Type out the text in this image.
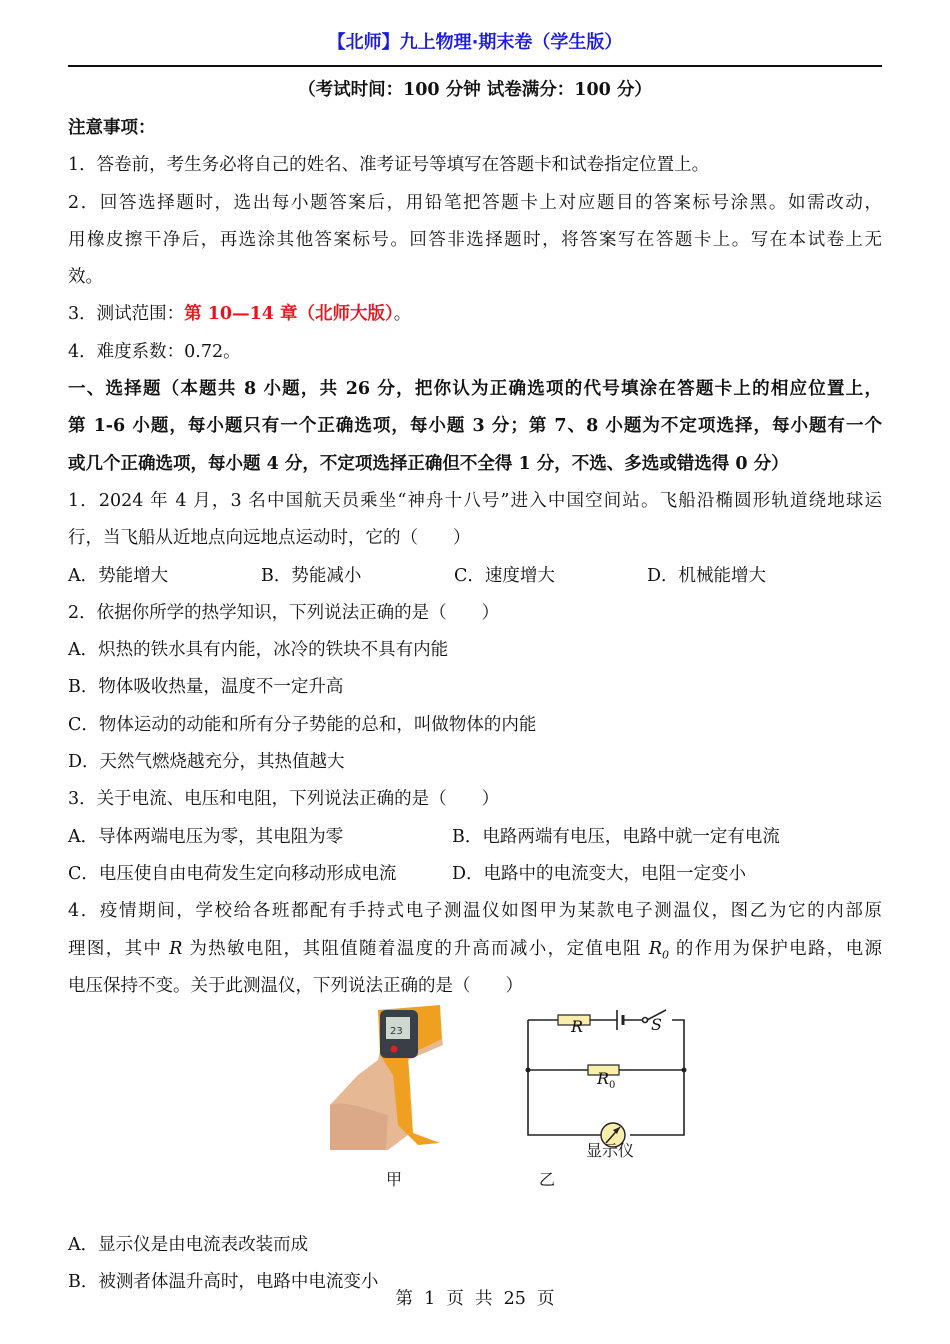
【北师】九上物理·期末卷（学生版）
（考试时间：100 分钟 试卷满分：100 分）
注意事项：
1．答卷前，考生务必将自己的姓名、准考证号等填写在答题卡和试卷指定位置上。
2．回答选择题时，选出每小题答案后，用铅笔把答题卡上对应题目的答案标号涂黑。如需改动，
用橡皮擦干净后，再选涂其他答案标号。回答非选择题时，将答案写在答题卡上。写在本试卷上无
效。
3．测试范围：第 10—14 章（北师大版）。
4．难度系数：0.72。
一、选择题（本题共 8 小题，共 26 分，把你认为正确选项的代号填涂在答题卡上的相应位置上，
第 1-6 小题，每小题只有一个正确选项，每小题 3 分；第 7、8 小题为不定项选择，每小题有一个
或几个正确选项，每小题 4 分，不定项选择正确但不全得 1 分，不选、多选或错选得 0 分）
1．2024 年 4 月，3 名中国航天员乘坐“神舟十八号”进入中国空间站。飞船沿椭圆形轨道绕地球运
行，当飞船从近地点向远地点运动时，它的（　　）
A．势能增大	B．势能减小	C．速度增大	D．机械能增大
2．依据你所学的热学知识，下列说法正确的是（　　）
A．炽热的铁水具有内能，冰冷的铁块不具有内能
B．物体吸收热量，温度不一定升高
C．物体运动的动能和所有分子势能的总和，叫做物体的内能
D．天然气燃烧越充分，其热值越大
3．关于电流、电压和电阻，下列说法正确的是（　　）
A．导体两端电压为零，其电阻为零	B．电路两端有电压，电路中就一定有电流
C．电压使自由电荷发生定向移动形成电流	D．电路中的电流变大，电阻一定变小
4．疫情期间，学校给各班都配有手持式电子测温仪如图甲为某款电子测温仪，图乙为它的内部原
理图，其中 R 为热敏电阻，其阻值随着温度的升高而减小，定值电阻 $R_0$ 的作用为保护电路，电源
电压保持不变。关于此测温仪，下列说法正确的是（　　）
23	R	S
$R_0$
显示仪
甲	乙
A．显示仪是由电流表改装而成
B．被测者体温升高时，电路中电流变小
第  1  页  共  25  页
